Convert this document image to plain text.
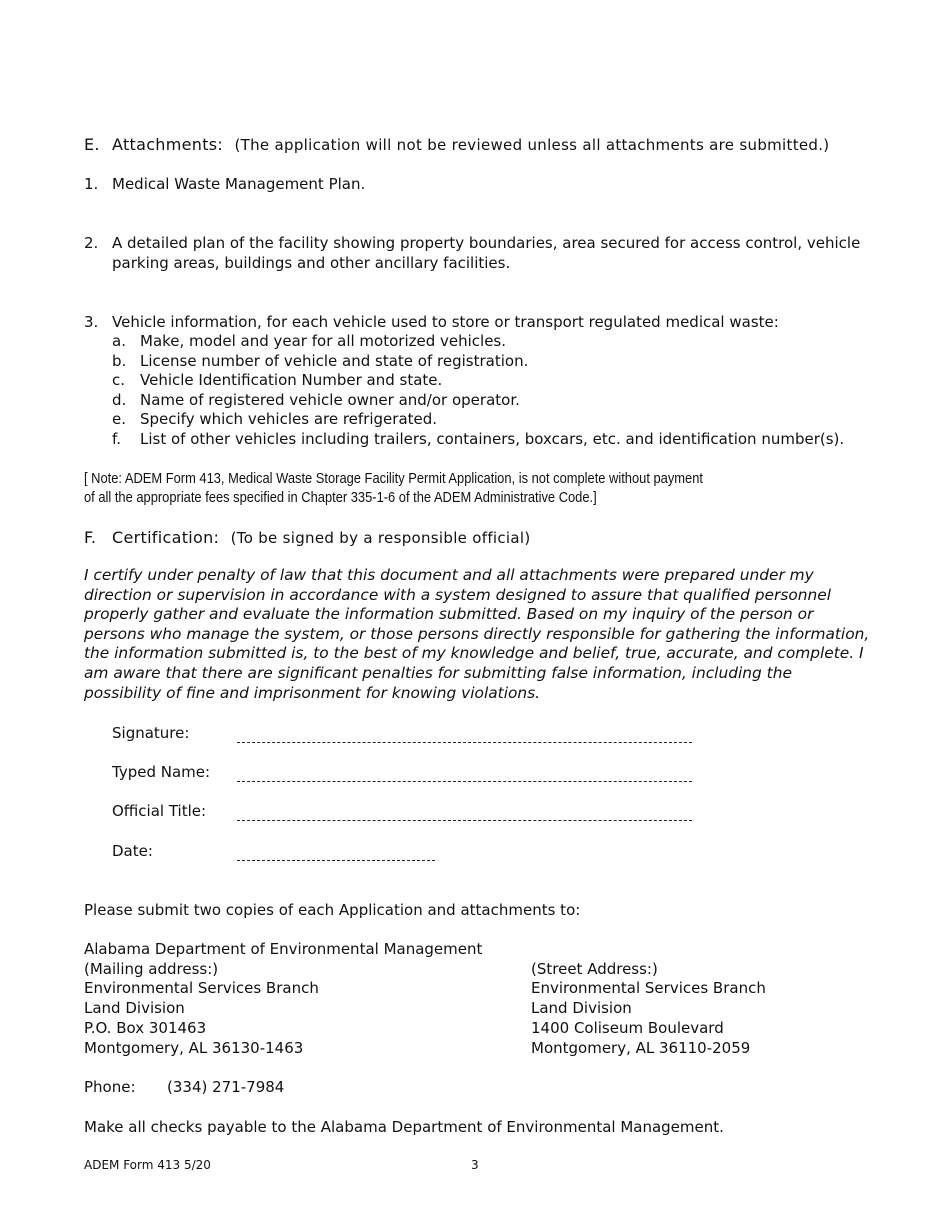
E. Attachments: (The application will not be reviewed unless all attachments are submitted.)
1. Medical Waste Management Plan.
2. A detailed plan of the facility showing property boundaries, area secured for access control, vehicle
parking areas, buildings and other ancillary facilities.
3. Vehicle information, for each vehicle used to store or transport regulated medical waste:
a. Make, model and year for all motorized vehicles.
b. License number of vehicle and state of registration.
c. Vehicle Identification Number and state.
d. Name of registered vehicle owner and/or operator.
e. Specify which vehicles are refrigerated.
f. List of other vehicles including trailers, containers, boxcars, etc. and identification number(s).
[ Note: ADEM Form 413, Medical Waste Storage Facility Permit Application, is not complete without payment
of all the appropriate fees specified in Chapter 335-1-6 of the ADEM Administrative Code.]
F. Certification: (To be signed by a responsible official)
I certify under penalty of law that this document and all attachments were prepared under my direction or supervision in accordance with a system designed to assure that qualified personnel properly gather and evaluate the information submitted. Based on my inquiry of the person or persons who manage the system, or those persons directly responsible for gathering the information, the information submitted is, to the best of my knowledge and belief, true, accurate, and complete. I am aware that there are significant penalties for submitting false information, including the possibility of fine and imprisonment for knowing violations.
Signature:
Typed Name:
Official Title:
Date:
Please submit two copies of each Application and attachments to:
Alabama Department of Environmental Management
(Mailing address:)
Environmental Services Branch
Land Division
P.O. Box 301463
Montgomery, AL 36130-1463
(Street Address:)
Environmental Services Branch
Land Division
1400 Coliseum Boulevard
Montgomery, AL 36110-2059
Phone: (334) 271-7984
Make all checks payable to the Alabama Department of Environmental Management.
ADEM Form 413 5/20	3
